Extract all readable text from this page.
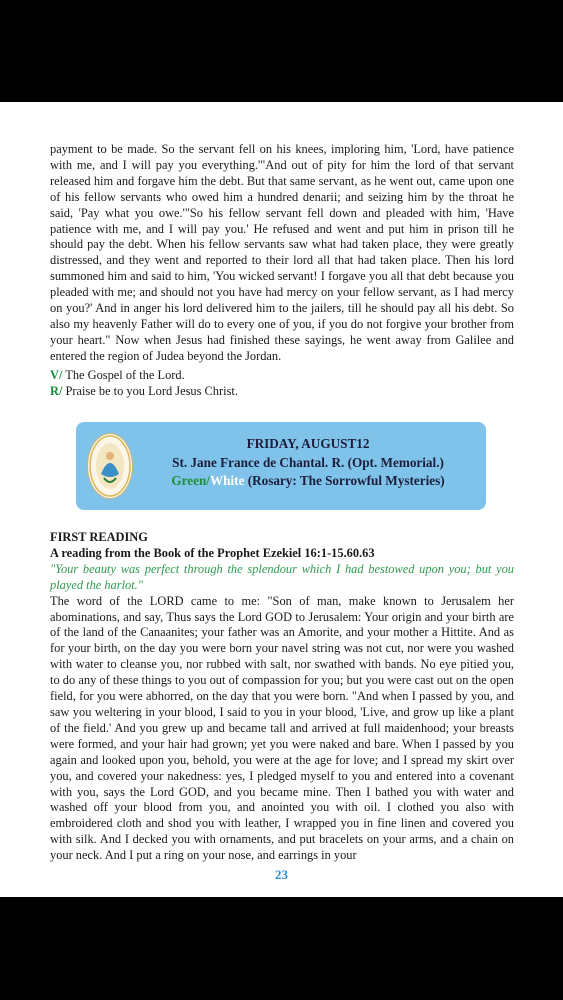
payment to be made. So the servant fell on his knees, imploring him, 'Lord, have patience with me, and I will pay you everything.'"And out of pity for him the lord of that servant released him and forgave him the debt. But that same servant, as he went out, came upon one of his fellow servants who owed him a hundred denarii; and seizing him by the throat he said, 'Pay what you owe.'"So his fellow servant fell down and pleaded with him, 'Have patience with me, and I will pay you.' He refused and went and put him in prison till he should pay the debt. When his fellow servants saw what had taken place, they were greatly distressed, and they went and reported to their lord all that had taken place. Then his lord summoned him and said to him, 'You wicked servant! I forgave you all that debt because you pleaded with me; and should not you have had mercy on your fellow servant, as I had mercy on you?' And in anger his lord delivered him to the jailers, till he should pay all his debt. So also my heavenly Father will do to every one of you, if you do not forgive your brother from your heart." Now when Jesus had finished these sayings, he went away from Galilee and entered the region of Judea beyond the Jordan.

V/ The Gospel of the Lord.
R/ Praise be to you Lord Jesus Christ.
FRIDAY, AUGUST12
St. Jane France de Chantal. R. (Opt. Memorial.)
Green/White (Rosary: The Sorrowful Mysteries)
FIRST READING
A reading from the Book of the Prophet Ezekiel 16:1-15.60.63
"Your beauty was perfect through the splendour which I had bestowed upon you; but you played the harlot."
The word of the LORD came to me: "Son of man, make known to Jerusalem her abominations, and say, Thus says the Lord GOD to Jerusalem: Your origin and your birth are of the land of the Canaanites; your father was an Amorite, and your mother a Hittite. And as for your birth, on the day you were born your navel string was not cut, nor were you washed with water to cleanse you, nor rubbed with salt, nor swathed with bands. No eye pitied you, to do any of these things to you out of compassion for you; but you were cast out on the open field, for you were abhorred, on the day that you were born. "And when I passed by you, and saw you weltering in your blood, I said to you in your blood, 'Live, and grow up like a plant of the field.' And you grew up and became tall and arrived at full maidenhood; your breasts were formed, and your hair had grown; yet you were naked and bare. When I passed by you again and looked upon you, behold, you were at the age for love; and I spread my skirt over you, and covered your nakedness: yes, I pledged myself to you and entered into a covenant with you, says the Lord GOD, and you became mine. Then I bathed you with water and washed off your blood from you, and anointed you with oil. I clothed you also with embroidered cloth and shod you with leather, I wrapped you in fine linen and covered you with silk. And I decked you with ornaments, and put bracelets on your arms, and a chain on your neck. And I put a ring on your nose, and earrings in your
23
